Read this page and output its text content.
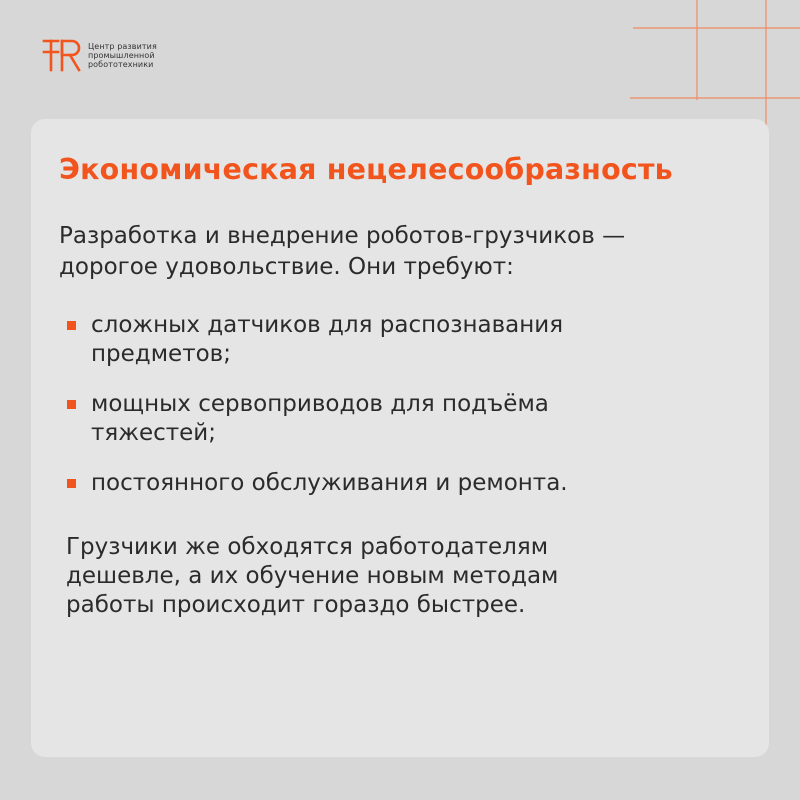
Центр развития
промышленной
робототехники
Экономическая нецелесообразность

Разработка и внедрение роботов-грузчиков —
дорогое удовольствие. Они требуют:

сложных датчиков для распознавания
предметов;
мощных сервоприводов для подъёма
тяжестей;
постоянного обслуживания и ремонта.

Грузчики же обходятся работодателям
дешевле, а их обучение новым методам
работы происходит гораздо быстрее.
